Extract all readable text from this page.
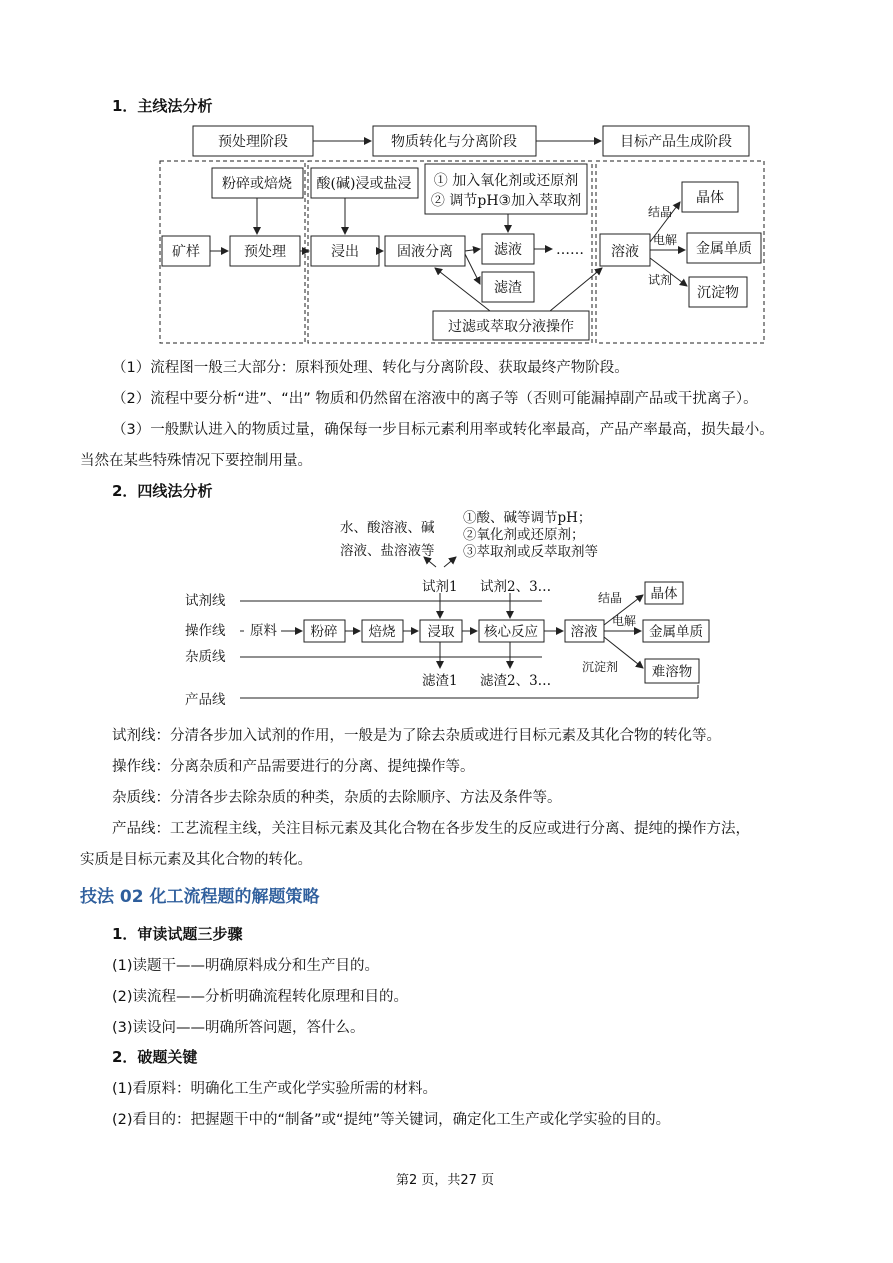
1．主线法分析
预处理阶段	物质转化与分离阶段	目标产品生成阶段
粉碎或焙烧
矿样	预处理
酸(碱)浸或盐浸 ① 加入氧化剂或还原剂
② 调节pH③加入萃取剂
浸出	固液分离	滤液 ……
滤渣
过滤或萃取分液操作
溶液
晶体
金属单质
沉淀物
结晶
电解
试剂
（1）流程图一般三大部分：原料预处理、转化与分离阶段、获取最终产物阶段。
（2）流程中要分析“进”、“出” 物质和仍然留在溶液中的离子等（否则可能漏掉副产品或干扰离子）。
（3）一般默认进入的物质过量，确保每一步目标元素利用率或转化率最高，产品产率最高，损失最小。
当然在某些特殊情况下要控制用量。
2．四线法分析
水、酸溶液、碱
溶液、盐溶液等
①酸、碱等调节pH；
②氧化剂或还原剂；
③萃取剂或反萃取剂等
试剂1 试剂2、3…
试剂线
操作线
杂质线
产品线
原料 粉碎 焙烧 浸取 核心反应 溶液
晶体
金属单质
难溶物
滤渣1 滤渣2、3…
结晶
电解
沉淀剂
试剂线：分清各步加入试剂的作用，一般是为了除去杂质或进行目标元素及其化合物的转化等。
操作线：分离杂质和产品需要进行的分离、提纯操作等。
杂质线：分清各步去除杂质的种类，杂质的去除顺序、方法及条件等。
产品线：工艺流程主线，关注目标元素及其化合物在各步发生的反应或进行分离、提纯的操作方法，
实质是目标元素及其化合物的转化。
技法 02 化工流程题的解题策略
1．审读试题三步骤
(1)读题干——明确原料成分和生产目的。
(2)读流程——分析明确流程转化原理和目的。
(3)读设问——明确所答问题，答什么。
2．破题关键
(1)看原料：明确化工生产或化学实验所需的材料。
(2)看目的：把握题干中的“制备”或“提纯”等关键词，确定化工生产或化学实验的目的。
第2 页，共27 页
